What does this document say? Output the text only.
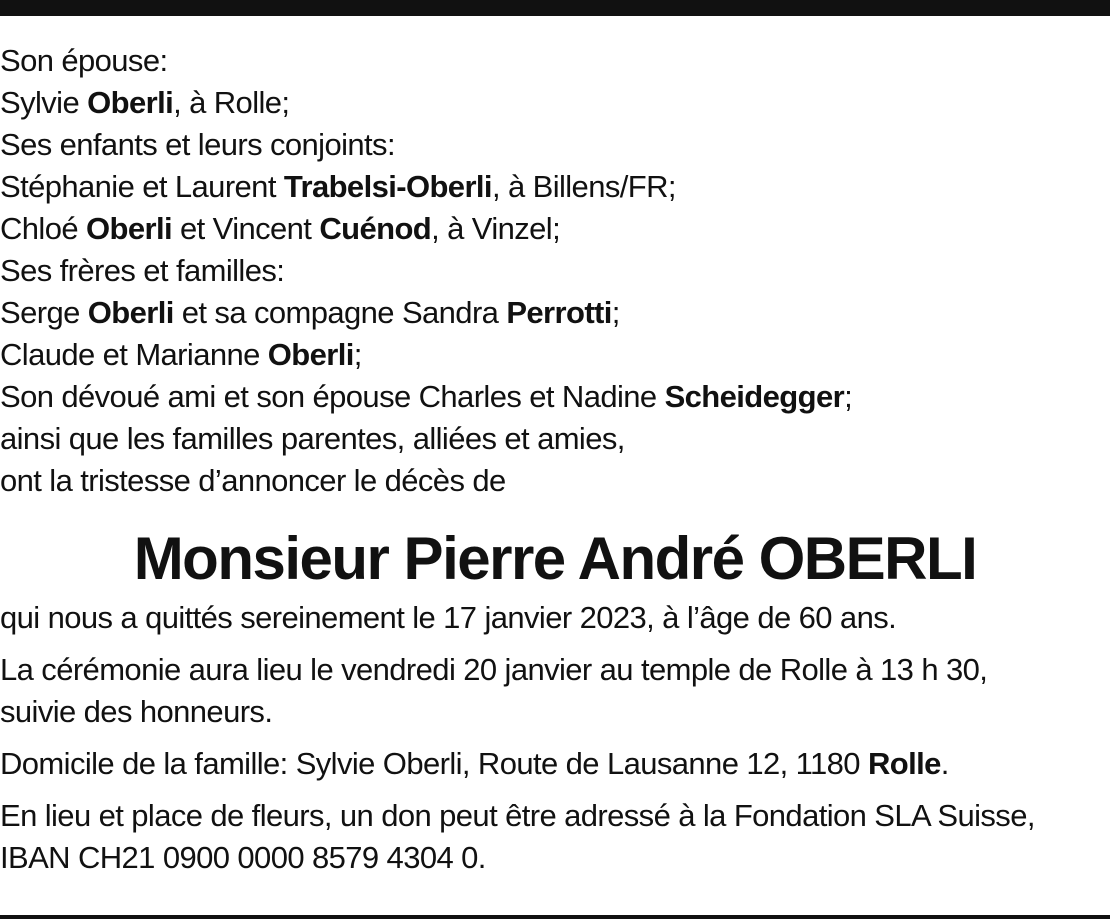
Son épouse:
Sylvie Oberli, à Rolle;
Ses enfants et leurs conjoints:
Stéphanie et Laurent Trabelsi-Oberli, à Billens/FR;
Chloé Oberli et Vincent Cuénod, à Vinzel;
Ses frères et familles:
Serge Oberli et sa compagne Sandra Perrotti;
Claude et Marianne Oberli;
Son dévoué ami et son épouse Charles et Nadine Scheidegger;
ainsi que les familles parentes, alliées et amies,
ont la tristesse d’annoncer le décès de
Monsieur Pierre André OBERLI
qui nous a quittés sereinement le 17 janvier 2023, à l’âge de 60 ans.
La cérémonie aura lieu le vendredi 20 janvier au temple de Rolle à 13 h 30,
suivie des honneurs.
Domicile de la famille: Sylvie Oberli, Route de Lausanne 12, 1180 Rolle.
En lieu et place de fleurs, un don peut être adressé à la Fondation SLA Suisse,
IBAN CH21 0900 0000 8579 4304 0.
